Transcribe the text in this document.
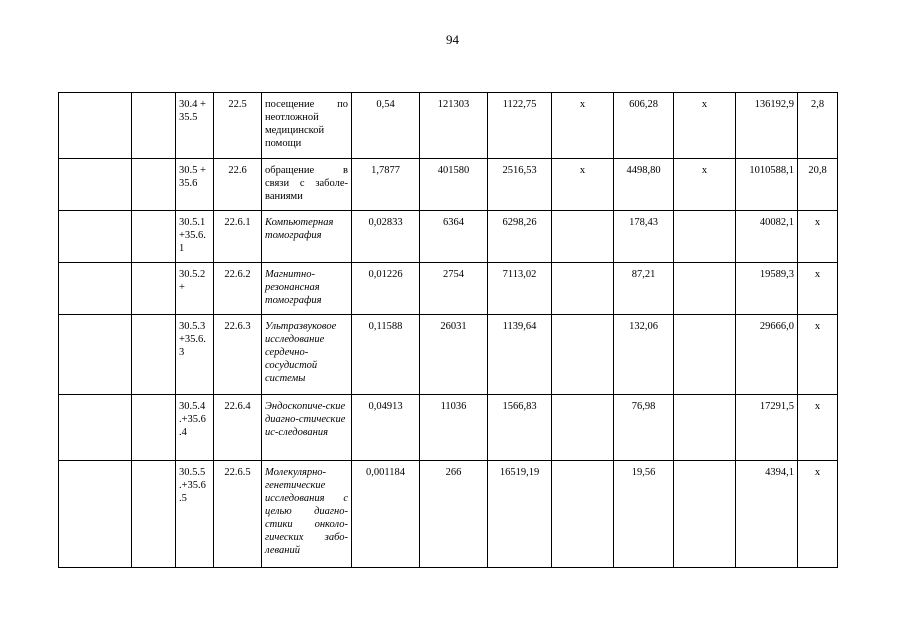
94
		30.4 + 35.5	22.5	посещение по неотложной медицинской помощи	0,54	121303	1122,75	х	606,28	х	136192,9	2,8
		30.5 + 35.6	22.6	обращение в связи с заболе-ваниями	1,7877	401580	2516,53	х	4498,80	х	1010588,1	20,8
		30.5.1 +35.6. 1	22.6.1	Компьютерная томография	0,02833	6364	6298,26		178,43		40082,1	х
		30.5.2 +	22.6.2	Магнитно-резонансная томография	0,01226	2754	7113,02		87,21		19589,3	х
		30.5.3 +35.6. 3	22.6.3	Ультразвуковое исследование сердечно-сосудистой системы	0,11588	26031	1139,64		132,06		29666,0	х
		30.5.4 .+35.6 .4	22.6.4	Эндоскопиче-ские диагно-стические ис-следования	0,04913	11036	1566,83		76,98		17291,5	х
		30.5.5 .+35.6 .5	22.6.5	Молекулярно-генетические исследования с целью диагно-стики онколо-гических забо-леваний	0,001184	266	16519,19		19,56		4394,1	х
